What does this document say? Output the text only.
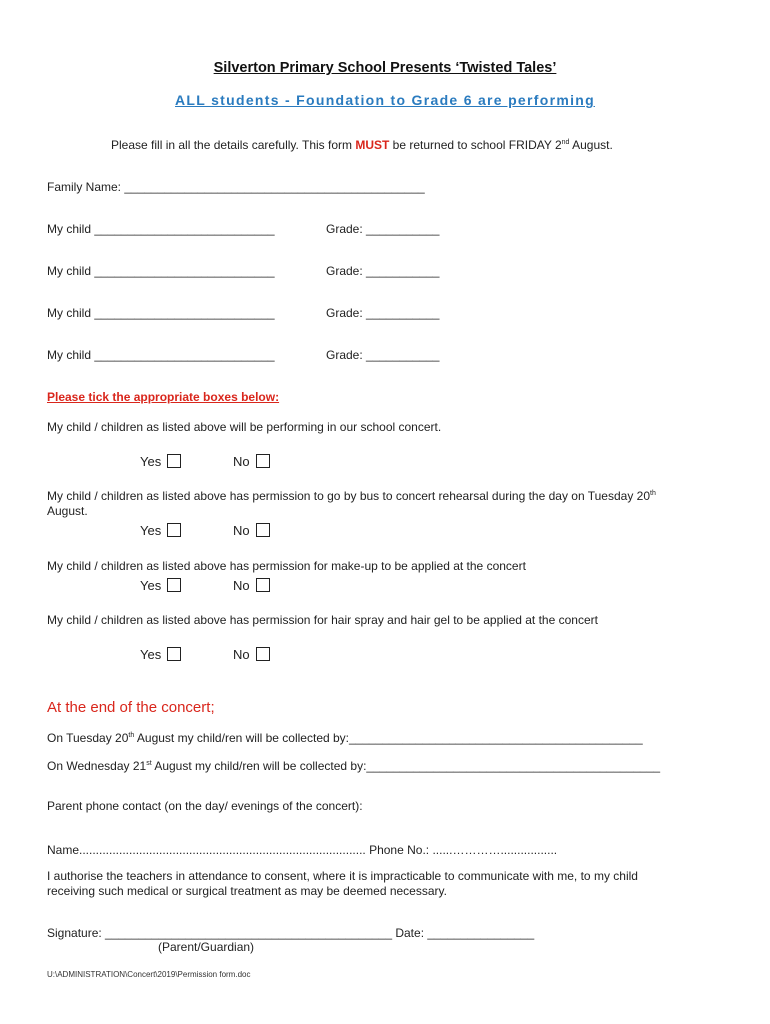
Silverton Primary School Presents ‘Twisted Tales’
ALL students - Foundation to Grade 6 are performing
Please fill in all the details carefully. This form MUST be returned to school FRIDAY 2nd August.
Family Name: _____________________________________________
My child ___________________________	Grade: ___________
My child ___________________________	Grade: ___________
My child ___________________________	Grade: ___________
My child ___________________________	Grade: ___________
Please tick the appropriate boxes below:
My child / children as listed above will be performing in our school concert.
Yes	No
My child / children as listed above has permission to go by bus to concert rehearsal during the day on Tuesday 20th
August.
Yes	No
My child / children as listed above has permission for make-up to be applied at the concert
Yes	No
My child / children as listed above has permission for hair spray and hair gel to be applied at the concert
Yes	No
At the end of the concert;
On Tuesday 20th August my child/ren will be collected by:____________________________________________
On Wednesday 21st August my child/ren will be collected by:____________________________________________
Parent phone contact (on the day/ evenings of the concert):
Name...................................................................................... Phone No.: ......………….................
I authorise the teachers in attendance to consent, where it is impracticable to communicate with me, to my child
receiving such medical or surgical treatment as may be deemed necessary.
Signature: ___________________________________________ Date: ________________
(Parent/Guardian)
U:\ADMINISTRATION\Concert\2019\Permission form.doc
